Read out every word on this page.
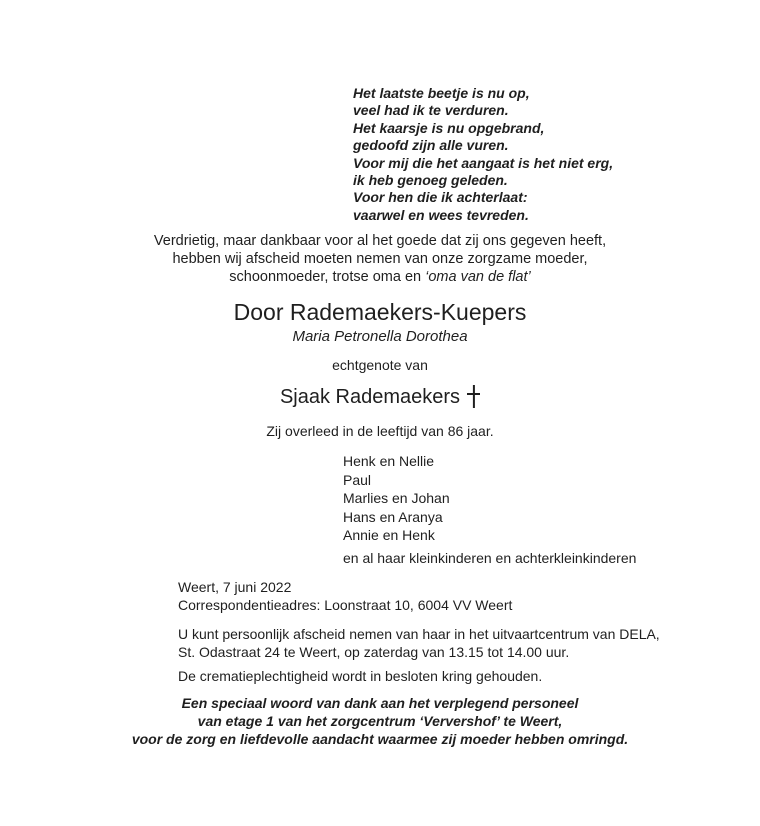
Het laatste beetje is nu op,
veel had ik te verduren.
Het kaarsje is nu opgebrand,
gedoofd zijn alle vuren.
Voor mij die het aangaat is het niet erg,
ik heb genoeg geleden.
Voor hen die ik achterlaat:
vaarwel en wees tevreden.
Verdrietig, maar dankbaar voor al het goede dat zij ons gegeven heeft,
hebben wij afscheid moeten nemen van onze zorgzame moeder,
schoonmoeder, trotse oma en ‘oma van de flat’
Door Rademaekers-Kuepers
Maria Petronella Dorothea
echtgenote van
Sjaak Rademaekers
Zij overleed in de leeftijd van 86 jaar.
Henk en Nellie
Paul
Marlies en Johan
Hans en Aranya
Annie en Henk
en al haar kleinkinderen en achterkleinkinderen
Weert, 7 juni 2022
Correspondentieadres: Loonstraat 10, 6004 VV Weert
U kunt persoonlijk afscheid nemen van haar in het uitvaartcentrum van DELA,
St. Odastraat 24 te Weert, op zaterdag van 13.15 tot 14.00 uur.
De crematieplechtigheid wordt in besloten kring gehouden.
Een speciaal woord van dank aan het verplegend personeel
van etage 1 van het zorgcentrum ‘Ververshof’ te Weert,
voor de zorg en liefdevolle aandacht waarmee zij moeder hebben omringd.
